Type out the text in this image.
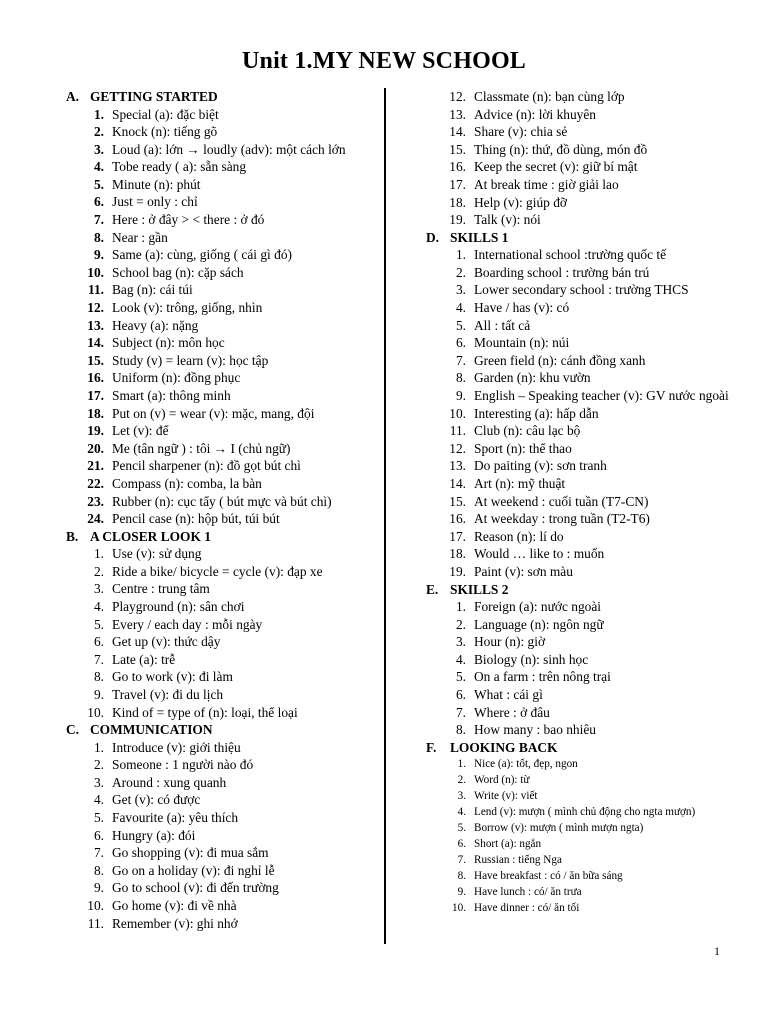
Unit 1.MY NEW SCHOOL
A. GETTING STARTED
1. Special (a): đặc biệt
2. Knock (n): tiếng gõ
3. Loud (a): lớn → loudly (adv): một cách lớn
4. Tobe ready ( a): sẵn sàng
5. Minute (n): phút
6. Just = only : chỉ
7. Here : ở đây > < there : ở đó
8. Near : gần
9. Same (a): cùng, giống ( cái gì đó)
10. School bag (n): cặp sách
11. Bag (n): cái túi
12. Look (v): trông, giống, nhìn
13. Heavy (a): nặng
14. Subject (n): môn học
15. Study (v) = learn (v): học tập
16. Uniform (n): đồng phục
17. Smart (a): thông minh
18. Put on (v) = wear (v): mặc, mang, đội
19. Let (v): để
20. Me (tân ngữ ) : tôi → I (chủ ngữ)
21. Pencil sharpener (n): đồ gọt bút chì
22. Compass (n): comba, la bàn
23. Rubber (n): cục tẩy ( bút mực và bút chì)
24. Pencil case (n): hộp bút, túi bút
B. A CLOSER LOOK 1
1. Use (v): sử dụng
2. Ride a bike/ bicycle = cycle (v): đạp xe
3. Centre : trung tâm
4. Playground (n): sân chơi
5. Every / each day : mỗi ngày
6. Get up (v): thức dậy
7. Late (a): trễ
8. Go to work (v): đi làm
9. Travel (v): đi du lịch
10. Kind of = type of (n): loại, thể loại
C. COMMUNICATION
1. Introduce (v): giới thiệu
2. Someone : 1 người nào đó
3. Around : xung quanh
4. Get (v): có được
5. Favourite (a): yêu thích
6. Hungry (a): đói
7. Go shopping (v): đi mua sắm
8. Go on a holiday (v): đi nghỉ lễ
9. Go to school (v): đi đến trường
10. Go home (v): đi về nhà
11. Remember (v): ghi nhớ
12. Classmate (n): bạn cùng lớp
13. Advice (n): lời khuyên
14. Share (v): chia sẻ
15. Thing (n): thứ, đồ dùng, món đồ
16. Keep the secret (v): giữ bí mật
17. At break time : giờ giải lao
18. Help (v): giúp đỡ
19. Talk (v): nói
D. SKILLS 1
1. International school :trường quốc tế
2. Boarding school : trường bán trú
3. Lower secondary school : trường THCS
4. Have / has (v): có
5. All : tất cả
6. Mountain (n): núi
7. Green field (n): cánh đồng xanh
8. Garden (n): khu vườn
9. English – Speaking teacher (v): GV nước ngoài
10. Interesting (a): hấp dẫn
11. Club (n): câu lạc bộ
12. Sport (n): thể thao
13. Do paiting (v): sơn tranh
14. Art (n): mỹ thuật
15. At weekend : cuối tuần (T7-CN)
16. At weekday : trong tuần (T2-T6)
17. Reason (n): lí do
18. Would … like to : muốn
19. Paint (v): sơn màu
E. SKILLS 2
1. Foreign (a): nước ngoài
2. Language (n): ngôn ngữ
3. Hour (n): giờ
4. Biology (n): sinh học
5. On a farm : trên nông trại
6. What : cái gì
7. Where : ở đâu
8. How many : bao nhiêu
F.	LOOKING BACK
1. Nice (a): tốt, đẹp, ngon
2. Word (n): từ
3. Write (v): viết
4. Lend (v): mượn ( mình chủ động cho ngta mượn)
5. Borrow (v): mượn ( mình mượn ngta)
6. Short (a): ngắn
7. Russian : tiếng Nga
8. Have breakfast : có / ăn bữa sáng
9. Have lunch : có/ ăn trưa
10. Have dinner : có/ ăn tối
1
